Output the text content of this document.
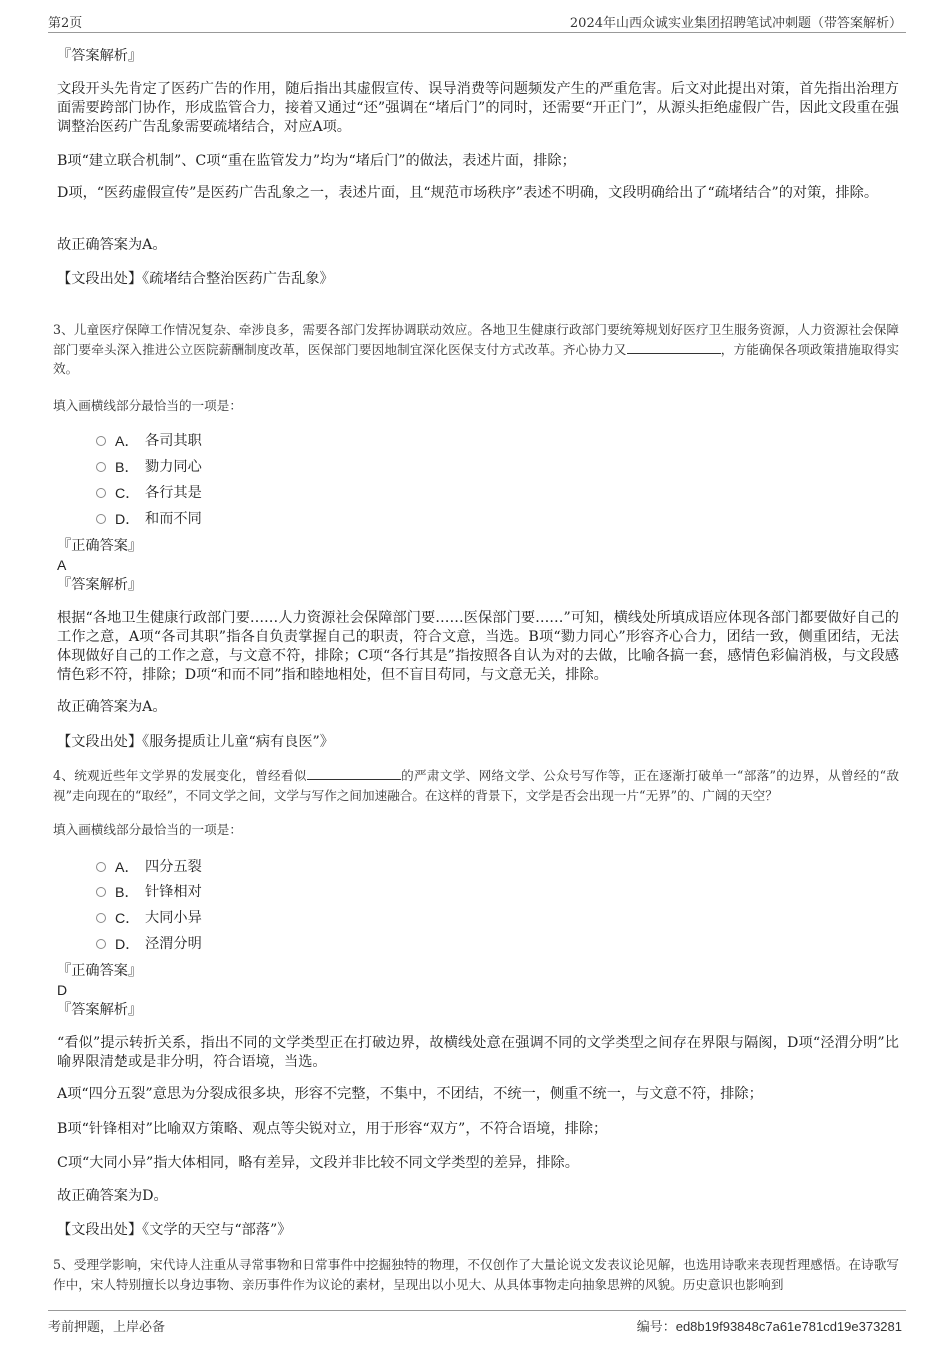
第2页	2024年山西众诚实业集团招聘笔试冲刺题（带答案解析）

『答案解析』

文段开头先肯定了医药广告的作用，随后指出其虚假宣传、误导消费等问题频发产生的严重危害。后文对此提出对策，首先指出治理方面需要跨部门协作，形成监管合力，接着又通过“还”强调在“堵后门”的同时，还需要“开正门”，从源头拒绝虚假广告，因此文段重在强调整治医药广告乱象需要疏堵结合，对应A项。

B项“建立联合机制”、C项“重在监管发力”均为“堵后门”的做法，表述片面，排除；

D项，“医药虚假宣传”是医药广告乱象之一，表述片面，且“规范市场秩序”表述不明确，文段明确给出了“疏堵结合”的对策，排除。

故正确答案为A。

【文段出处】《疏堵结合整治医药广告乱象》

3、儿童医疗保障工作情况复杂、牵涉良多，需要各部门发挥协调联动效应。各地卫生健康行政部门要统筹规划好医疗卫生服务资源，人力资源社会保障部门要牵头深入推进公立医院薪酬制度改革，医保部门要因地制宜深化医保支付方式改革。齐心协力又	，方能确保各项政策措施取得实效。

填入画横线部分最恰当的一项是：

A． 各司其职
B． 勠力同心
C． 各行其是
D． 和而不同

『正确答案』

A

『答案解析』

根据“各地卫生健康行政部门要……人力资源社会保障部门要……医保部门要……”可知，横线处所填成语应体现各部门都要做好自己的工作之意，A项“各司其职”指各自负责掌握自己的职责，符合文意，当选。B项“勠力同心”形容齐心合力，团结一致，侧重团结，无法体现做好自己的工作之意，与文意不符，排除；C项“各行其是”指按照各自认为对的去做，比喻各搞一套，感情色彩偏消极，与文段感情色彩不符，排除；D项“和而不同”指和睦地相处，但不盲目苟同，与文意无关，排除。

故正确答案为A。

【文段出处】《服务提质让儿童“病有良医”》

4、统观近些年文学界的发展变化，曾经看似	的严肃文学、网络文学、公众号写作等，正在逐渐打破单一“部落”的边界，从曾经的“敌视”走向现在的“取经”，不同文学之间，文学与写作之间加速融合。在这样的背景下，文学是否会出现一片“无界”的、广阔的天空？

填入画横线部分最恰当的一项是：

A． 四分五裂
B． 针锋相对
C． 大同小异
D． 泾渭分明

『正确答案』

D

『答案解析』

“看似”提示转折关系，指出不同的文学类型正在打破边界，故横线处意在强调不同的文学类型之间存在界限与隔阂，D项“泾渭分明”比喻界限清楚或是非分明，符合语境，当选。

A项“四分五裂”意思为分裂成很多块，形容不完整，不集中，不团结，不统一，侧重不统一，与文意不符，排除；

B项“针锋相对”比喻双方策略、观点等尖锐对立，用于形容“双方”，不符合语境，排除；

C项“大同小异”指大体相同，略有差异，文段并非比较不同文学类型的差异，排除。

故正确答案为D。

【文段出处】《文学的天空与“部落”》

5、受理学影响，宋代诗人注重从寻常事物和日常事件中挖掘独特的物理，不仅创作了大量论说文发表议论见解，也选用诗歌来表现哲理感悟。在诗歌写作中，宋人特别擅长以身边事物、亲历事件作为议论的素材，呈现出以小见大、从具体事物走向抽象思辨的风貌。历史意识也影响到

考前押题，上岸必备	编号：ed8b19f93848c7a61e781cd19e373281
